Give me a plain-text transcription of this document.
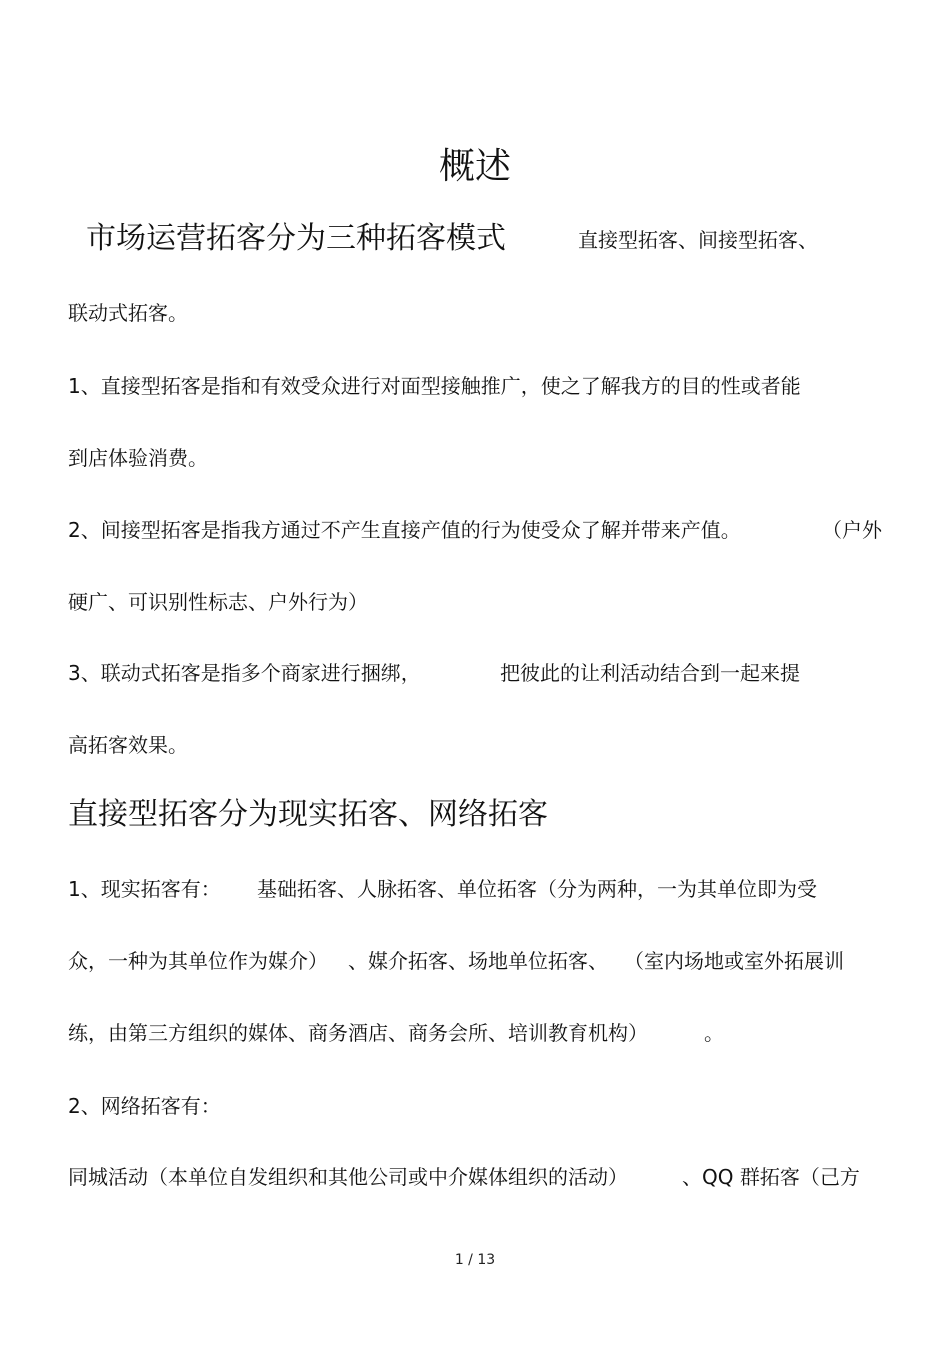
概述
市场运营拓客分为三种拓客模式	直接型拓客、间接型拓客、
联动式拓客。
1、直接型拓客是指和有效受众进行对面型接触推广，使之了解我方的目的性或者能
到店体验消费。
2、间接型拓客是指我方通过不产生直接产值的行为使受众了解并带来产值。	（户外
硬广、可识别性标志、户外行为）
3、联动式拓客是指多个商家进行捆绑，	把彼此的让利活动结合到一起来提
高拓客效果。
直接型拓客分为现实拓客、网络拓客
1、现实拓客有： 基础拓客、人脉拓客、单位拓客（分为两种，一为其单位即为受
众，一种为其单位作为媒介） 、媒介拓客、场地单位拓客、 （室内场地或室外拓展训
练，由第三方组织的媒体、商务酒店、商务会所、培训教育机构）	。
2、网络拓客有：
同城活动（本单位自发组织和其他公司或中介媒体组织的活动）	、QQ 群拓客（己方
1 / 13
